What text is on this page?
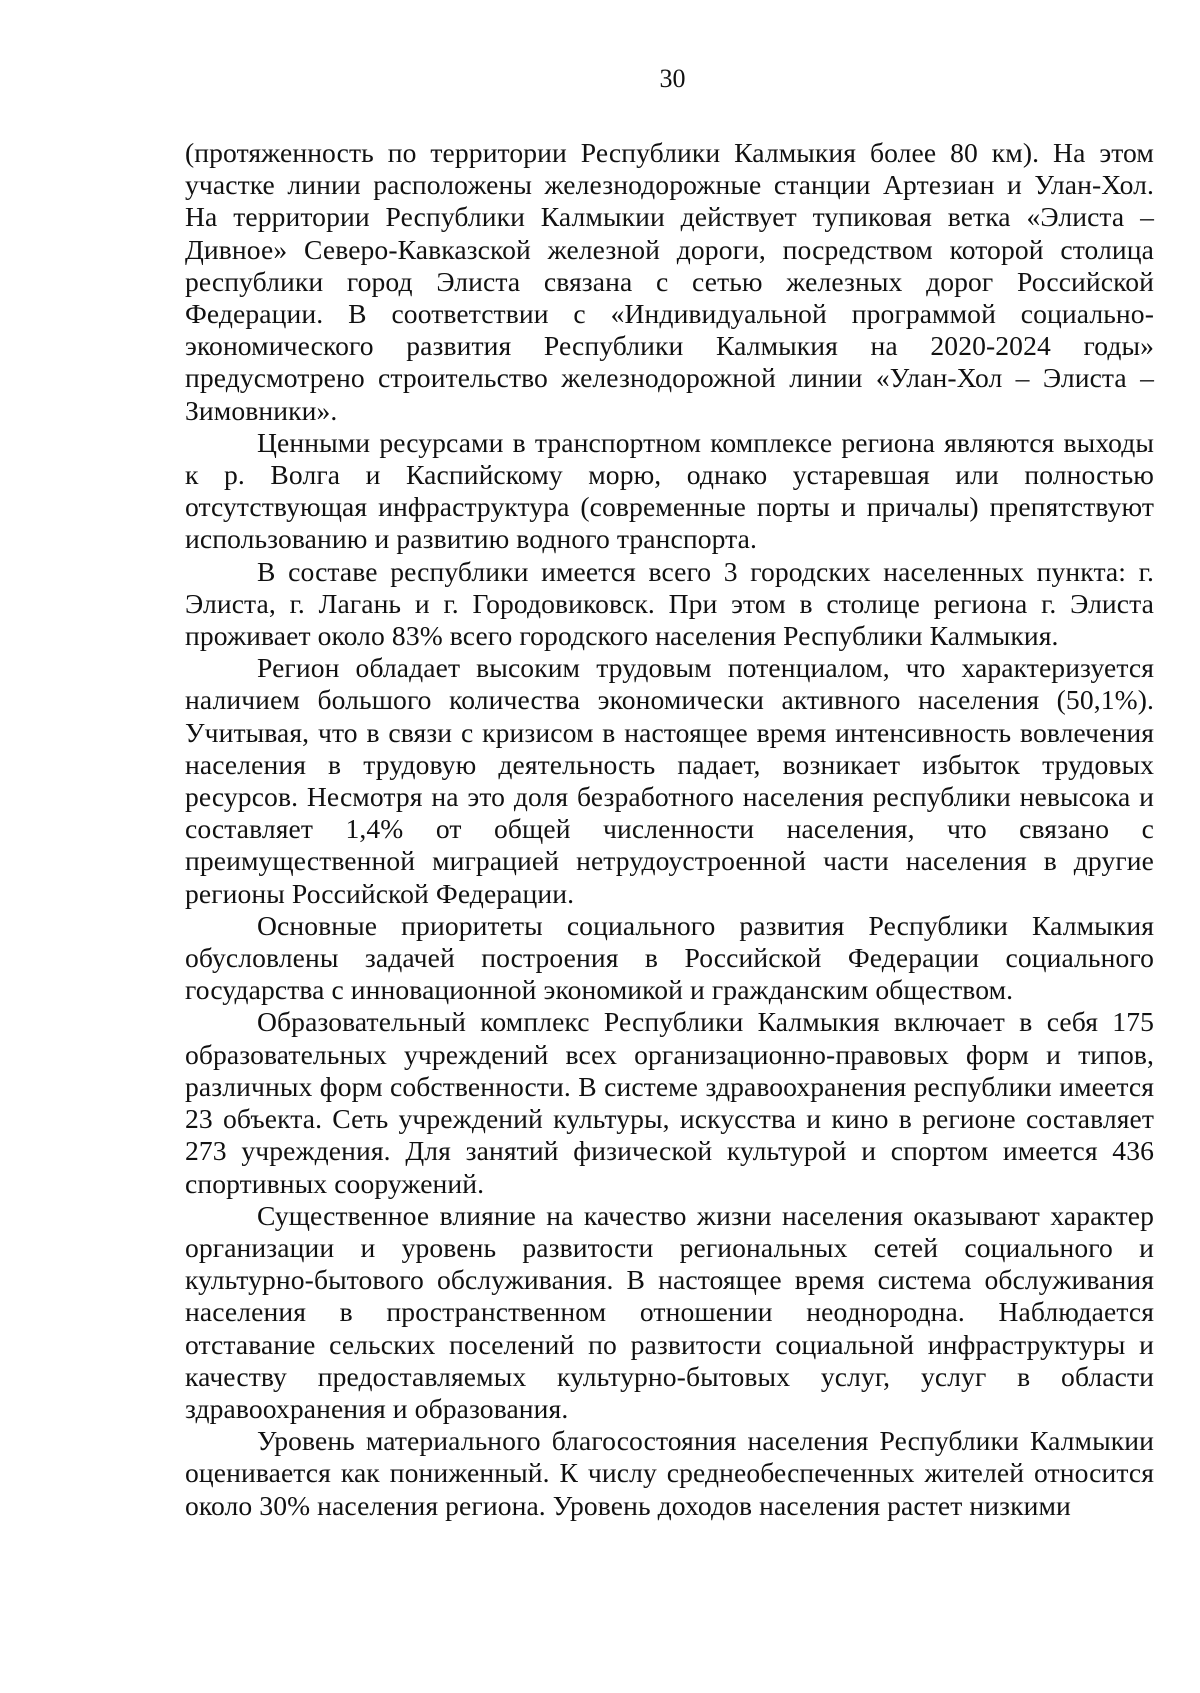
30

(протяженность по территории Республики Калмыкия более 80 км). На этом участке линии расположены железнодорожные станции Артезиан и Улан-Хол. На территории Республики Калмыкии действует тупиковая ветка «Элиста – Дивное» Северо-Кавказской железной дороги, посредством которой столица республики город Элиста связана с сетью железных дорог Российской Федерации. В соответствии с «Индивидуальной программой социально-экономического развития Республики Калмыкия на 2020-2024 годы» предусмотрено строительство железнодорожной линии «Улан-Хол – Элиста – Зимовники».

Ценными ресурсами в транспортном комплексе региона являются выходы к р. Волга и Каспийскому морю, однако устаревшая или полностью отсутствующая инфраструктура (современные порты и причалы) препятствуют использованию и развитию водного транспорта.

В составе республики имеется всего 3 городских населенных пункта: г. Элиста, г. Лагань и г. Городовиковск. При этом в столице региона г. Элиста проживает около 83% всего городского населения Республики Калмыкия.

Регион обладает высоким трудовым потенциалом, что характеризуется наличием большого количества экономически активного населения (50,1%). Учитывая, что в связи с кризисом в настоящее время интенсивность вовлечения населения в трудовую деятельность падает, возникает избыток трудовых ресурсов. Несмотря на это доля безработного населения республики невысока и составляет 1,4% от общей численности населения, что связано с преимущественной миграцией нетрудоустроенной части населения в другие регионы Российской Федерации.

Основные приоритеты социального развития Республики Калмыкия обусловлены задачей построения в Российской Федерации социального государства с инновационной экономикой и гражданским обществом.

Образовательный комплекс Республики Калмыкия включает в себя 175 образовательных учреждений всех организационно-правовых форм и типов, различных форм собственности. В системе здравоохранения республики имеется 23 объекта. Сеть учреждений культуры, искусства и кино в регионе составляет 273 учреждения. Для занятий физической культурой и спортом имеется 436 спортивных сооружений.

Существенное влияние на качество жизни населения оказывают характер организации и уровень развитости региональных сетей социального и культурно-бытового обслуживания. В настоящее время система обслуживания населения в пространственном отношении неоднородна. Наблюдается отставание сельских поселений по развитости социальной инфраструктуры и качеству предоставляемых культурно-бытовых услуг, услуг в области здравоохранения и образования.

Уровень материального благосостояния населения Республики Калмыкии оценивается как пониженный. К числу среднеобеспеченных жителей относится около 30% населения региона. Уровень доходов населения растет низкими
